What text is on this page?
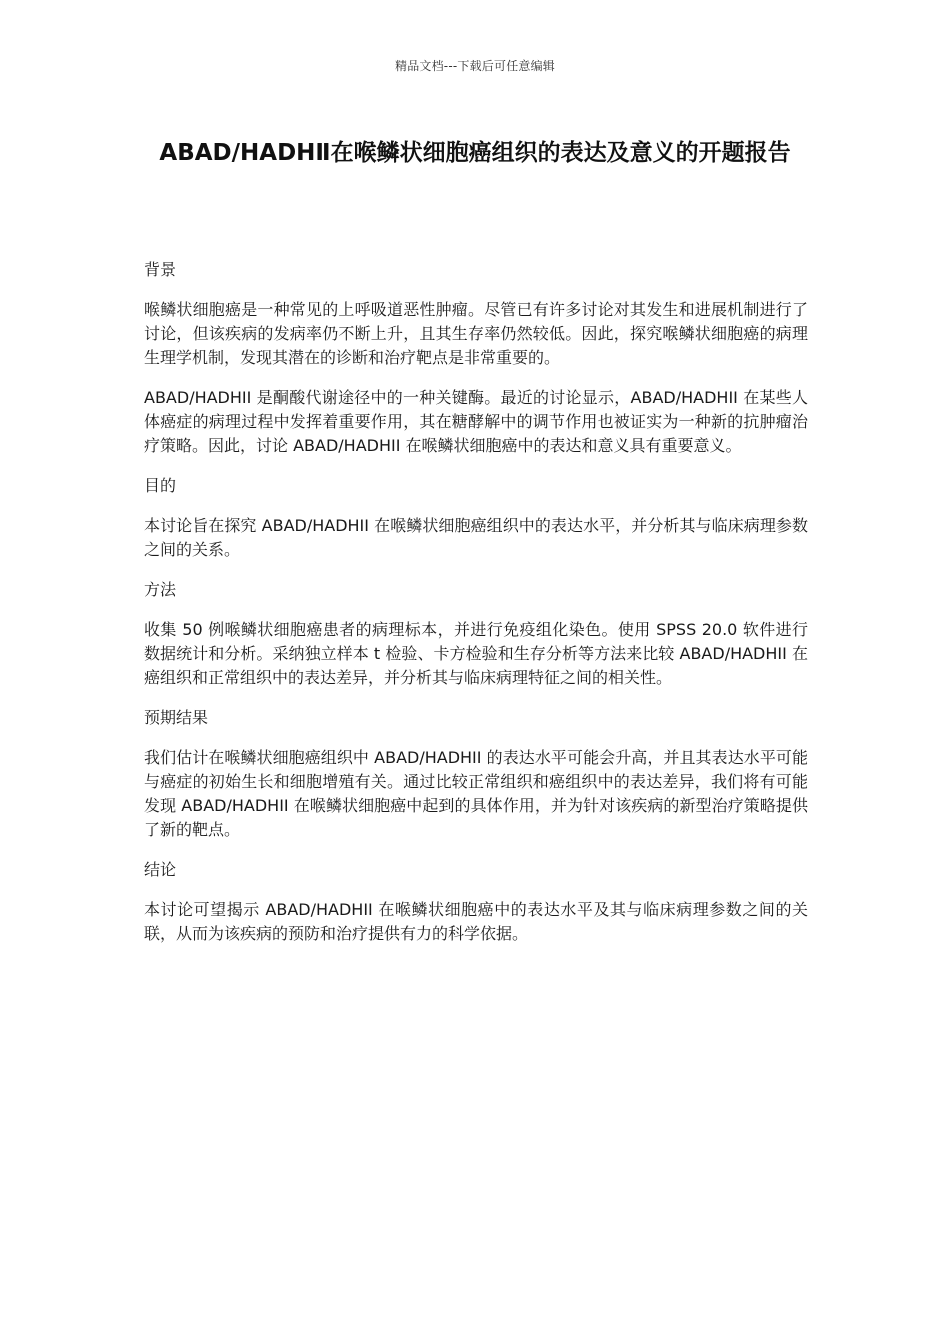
精品文档---下载后可任意编辑
ABAD/HADHⅡ在喉鳞状细胞癌组织的表达及意义的开题报告
背景

喉鳞状细胞癌是一种常见的上呼吸道恶性肿瘤。尽管已有许多讨论对其发生和进展机制进行了讨论，但该疾病的发病率仍不断上升，且其生存率仍然较低。因此，探究喉鳞状细胞癌的病理生理学机制，发现其潜在的诊断和治疗靶点是非常重要的。

ABAD/HADHII 是酮酸代谢途径中的一种关键酶。最近的讨论显示，ABAD/HADHII 在某些人体癌症的病理过程中发挥着重要作用，其在糖酵解中的调节作用也被证实为一种新的抗肿瘤治疗策略。因此，讨论 ABAD/HADHII 在喉鳞状细胞癌中的表达和意义具有重要意义。

目的

本讨论旨在探究 ABAD/HADHII 在喉鳞状细胞癌组织中的表达水平，并分析其与临床病理参数之间的关系。

方法

收集 50 例喉鳞状细胞癌患者的病理标本，并进行免疫组化染色。使用 SPSS 20.0 软件进行数据统计和分析。采纳独立样本 t 检验、卡方检验和生存分析等方法来比较 ABAD/HADHII 在癌组织和正常组织中的表达差异，并分析其与临床病理特征之间的相关性。

预期结果

我们估计在喉鳞状细胞癌组织中 ABAD/HADHII 的表达水平可能会升高，并且其表达水平可能与癌症的初始生长和细胞增殖有关。通过比较正常组织和癌组织中的表达差异，我们将有可能发现 ABAD/HADHII 在喉鳞状细胞癌中起到的具体作用，并为针对该疾病的新型治疗策略提供了新的靶点。

结论

本讨论可望揭示 ABAD/HADHII 在喉鳞状细胞癌中的表达水平及其与临床病理参数之间的关联，从而为该疾病的预防和治疗提供有力的科学依据。
